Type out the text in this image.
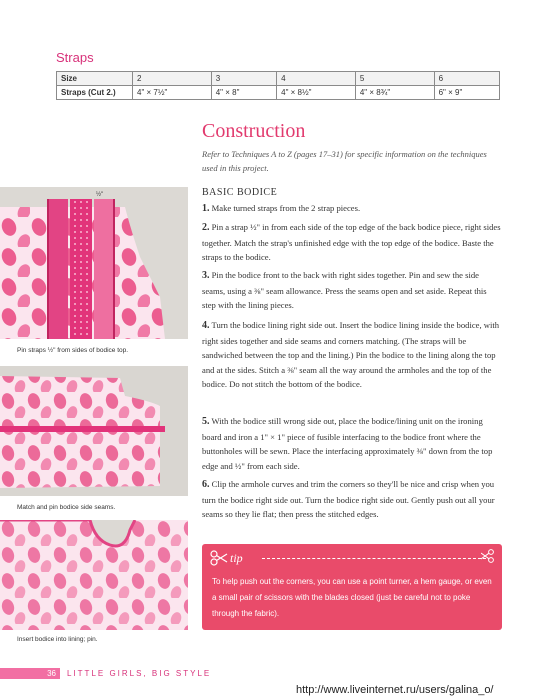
Straps
Size	2	3	4	5	6
Straps (Cut 2.)	4" × 7½"	4" × 8"	4" × 8½"	4" × 8¾"	6" × 9"
Construction
Refer to Techniques A to Z (pages 17–31) for specific information on the techniques used in this project.
BASIC BODICE
1. Make turned straps from the 2 strap pieces.
2. Pin a strap ½" in from each side of the top edge of the back bodice piece, right sides together. Match the strap's unfinished edge with the top edge of the bodice. Baste the straps to the bodice.
3. Pin the bodice front to the back with right sides together. Pin and sew the side seams, using a ⅜" seam allowance. Press the seams open and set aside. Repeat this step with the lining pieces.
4. Turn the bodice lining right side out. Insert the bodice lining inside the bodice, with right sides together and side seams and corners matching. (The straps will be sandwiched between the top and the lining.) Pin the bodice to the lining along the top and at the sides. Stitch a ⅜" seam all the way around the armholes and the top of the bodice. Do not stitch the bottom of the bodice.
5. With the bodice still wrong side out, place the bodice/lining unit on the ironing board and iron a 1" × 1" piece of fusible interfacing to the bodice front where the buttonholes will be sewn. Place the interfacing approximately ⅜" down from the top edge and ½" from each side.
6. Clip the armhole curves and trim the corners so they'll be nice and crisp when you turn the bodice right side out. Turn the bodice right side out. Gently push out all your seams so they lie flat; then press the stitched edges.
½"
Pin straps ½" from sides of bodice top.
Match and pin bodice side seams.
Insert bodice into lining; pin.
tip
To help push out the corners, you can use a point turner, a hem gauge, or even a small pair of scissors with the blades closed (just be careful not to poke through the fabric).
36 LITTLE GIRLS, BIG STYLE
http://www.liveinternet.ru/users/galina_o/
